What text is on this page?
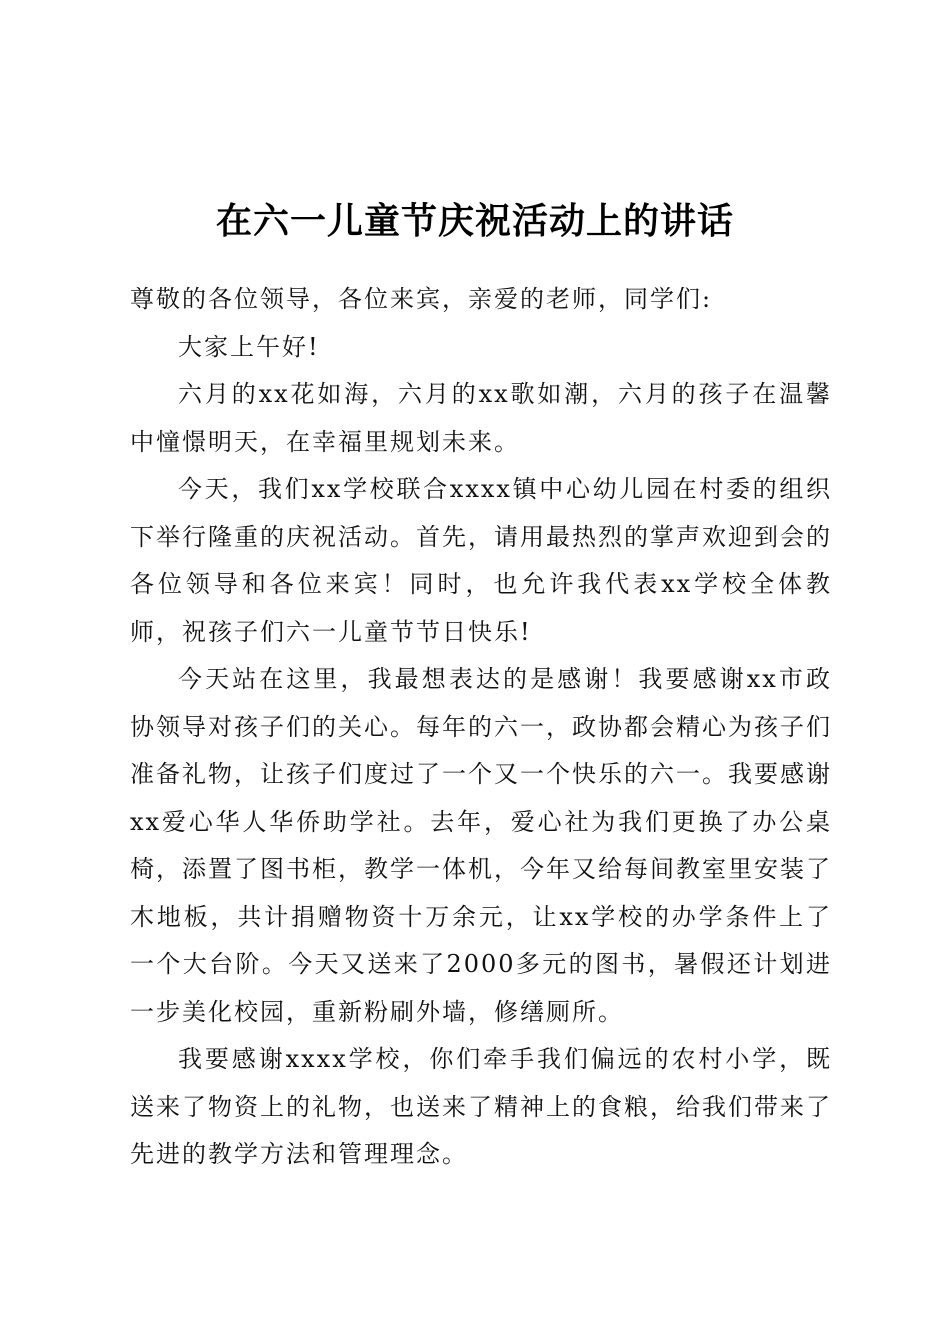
在六一儿童节庆祝活动上的讲话

尊敬的各位领导，各位来宾，亲爱的老师，同学们:

大家上午好!

六月的xx花如海，六月的xx歌如潮，六月的孩子在温馨中憧憬明天，在幸福里规划未来。

今天，我们xx学校联合xxxx镇中心幼儿园在村委的组织下举行隆重的庆祝活动。首先，请用最热烈的掌声欢迎到会的各位领导和各位来宾！同时，也允许我代表xx学校全体教师，祝孩子们六一儿童节节日快乐!

今天站在这里，我最想表达的是感谢！我要感谢xx市政协领导对孩子们的关心。每年的六一，政协都会精心为孩子们准备礼物，让孩子们度过了一个又一个快乐的六一。我要感谢xx爱心华人华侨助学社。去年，爱心社为我们更换了办公桌椅，添置了图书柜，教学一体机，今年又给每间教室里安装了木地板，共计捐赠物资十万余元，让xx学校的办学条件上了一个大台阶。今天又送来了2000多元的图书，暑假还计划进一步美化校园，重新粉刷外墙，修缮厕所。

我要感谢xxxx学校，你们牵手我们偏远的农村小学，既送来了物资上的礼物，也送来了精神上的食粮，给我们带来了先进的教学方法和管理理念。
